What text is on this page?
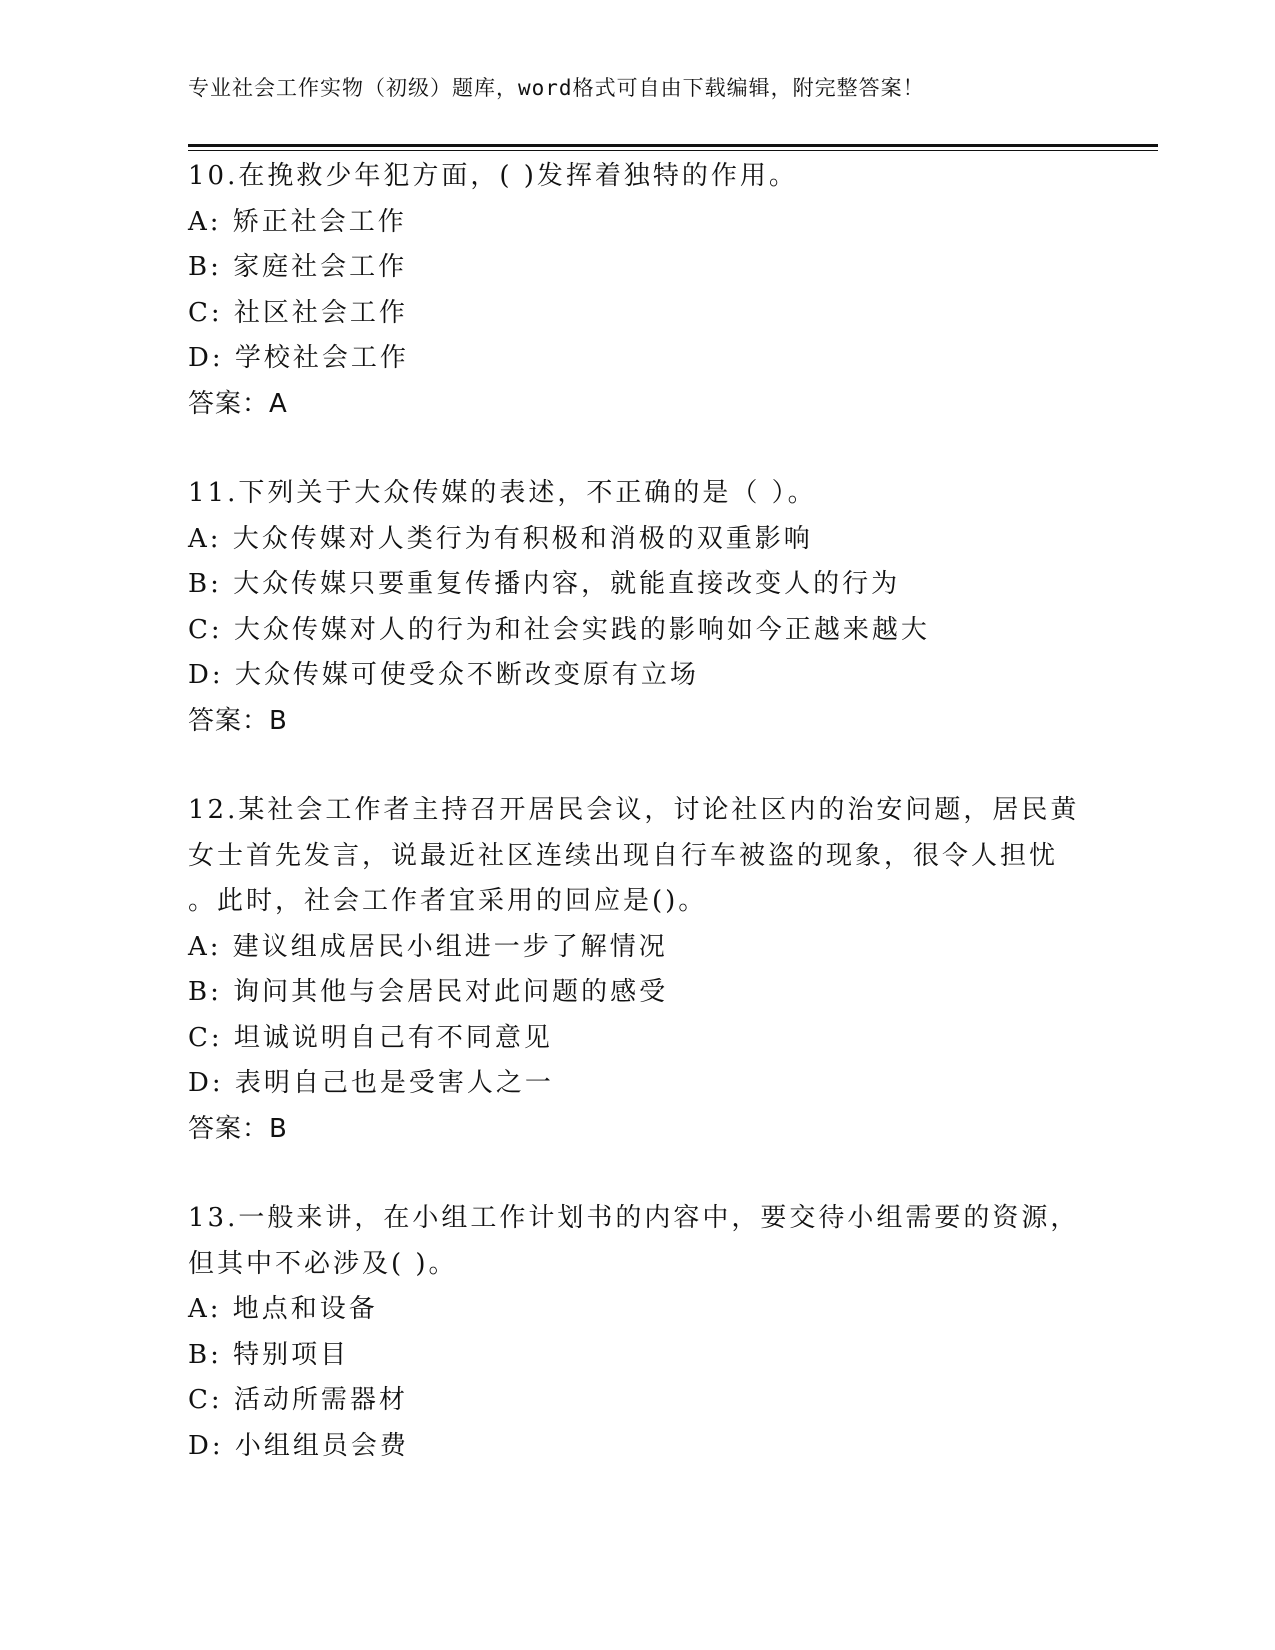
专业社会工作实物（初级）题库，word格式可自由下载编辑，附完整答案！

10.在挽救少年犯方面，( )发挥着独特的作用。

A: 矫正社会工作

B: 家庭社会工作

C: 社区社会工作

D: 学校社会工作

答案：A

11.下列关于大众传媒的表述，不正确的是（ ）。

A: 大众传媒对人类行为有积极和消极的双重影响

B: 大众传媒只要重复传播内容，就能直接改变人的行为

C: 大众传媒对人的行为和社会实践的影响如今正越来越大

D: 大众传媒可使受众不断改变原有立场

答案：B

12.某社会工作者主持召开居民会议，讨论社区内的治安问题，居民黄

女士首先发言，说最近社区连续出现自行车被盗的现象，很令人担忧

。此时，社会工作者宜采用的回应是()。

A: 建议组成居民小组进一步了解情况

B: 询问其他与会居民对此问题的感受

C: 坦诚说明自己有不同意见

D: 表明自己也是受害人之一

答案：B

13.一般来讲，在小组工作计划书的内容中，要交待小组需要的资源，

但其中不必涉及( )。

A: 地点和设备

B: 特别项目

C: 活动所需器材

D: 小组组员会费
